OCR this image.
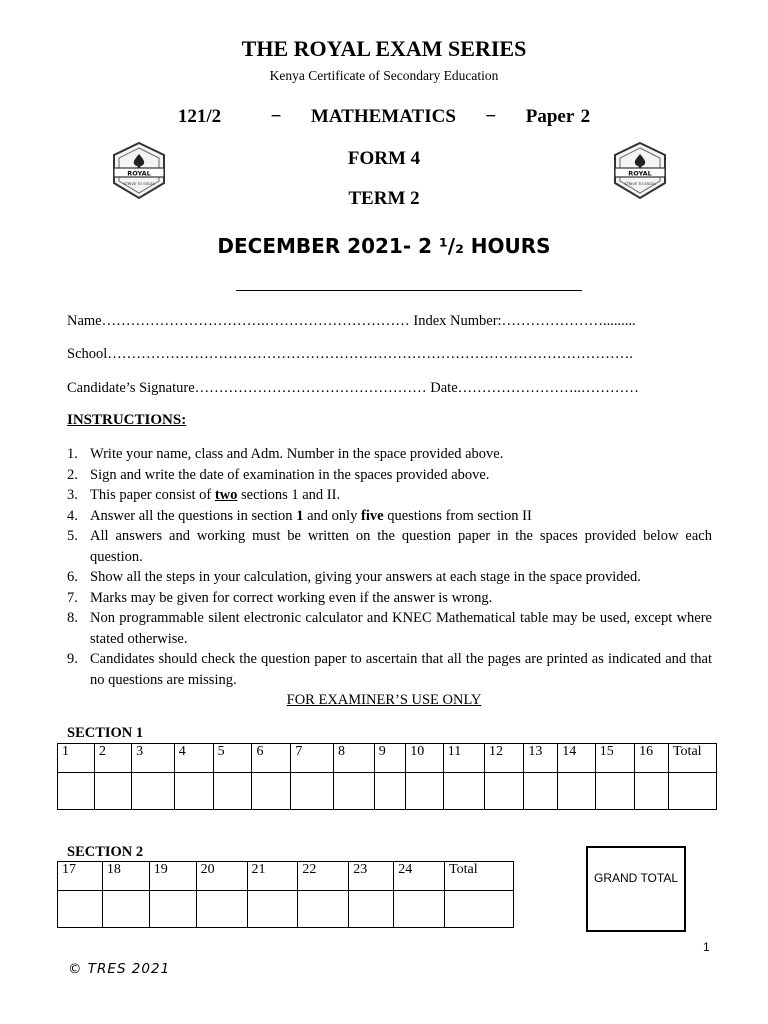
THE ROYAL EXAM SERIES
Kenya Certificate of Secondary Education
121/2	− MATHEMATICS − Paper 2
FORM 4
TERM 2
DECEMBER 2021- 2 ¹/₂ HOURS
ROYAL
STRIVE TO EXCEL
ROYAL
STRIVE TO EXCEL
Name…………………………….………………………… Index Number:………………….........
School……………………………………………………………………………………………….
Candidate’s Signature………………………………………… Date……………………..…………
INSTRUCTIONS:
1. Write your name, class and Adm. Number in the space provided above.
2. Sign and write the date of examination in the spaces provided above.
3. This paper consist of two sections 1 and II.
4. Answer all the questions in section 1 and only five questions from section II
5. All answers and working must be written on the question paper in the spaces provided below each question.
6. Show all the steps in your calculation, giving your answers at each stage in the space provided.
7. Marks may be given for correct working even if the answer is wrong.
8. Non programmable silent electronic calculator and KNEC Mathematical table may be used, except where stated otherwise.
9. Candidates should check the question paper to ascertain that all the pages are printed as indicated and that no questions are missing.
FOR EXAMINER’S USE ONLY
SECTION 1
1	2	3	4	5	6	7	8	9	10	11	12	13	14	15	16	Total

SECTION 2
17	18	19	20	21	22	23	24	Total

GRAND TOTAL
1
© TRES 2021
